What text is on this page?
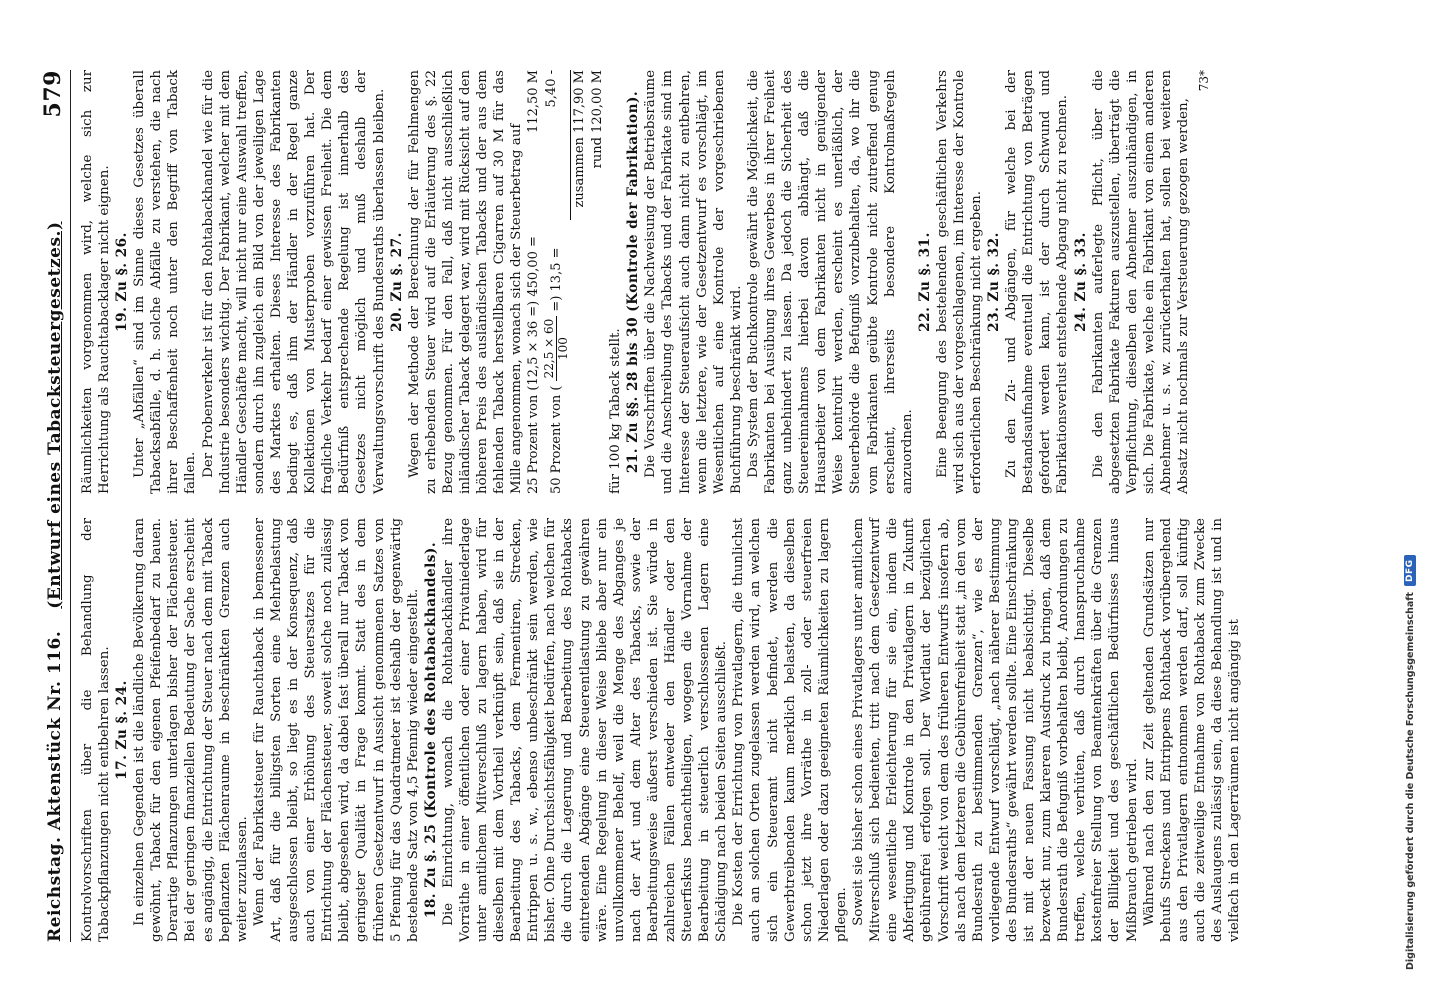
Reichstag. Aktenstück Nr. 116.
(Entwurf eines Tabacksteuergesetzes.)
579

Kontrolvorschriften über die Behandlung der Tabackpflanzungen nicht entbehren lassen. 17. Zu §. 24. In einzelnen Gegenden ist die ländliche Bevölkerung daran gewöhnt, Taback für den eigenen Pfeifenbedarf zu bauen. Derartige Pflanzungen unterlagen bisher der Flächensteuer. Bei der geringen finanziellen Bedeutung der Sache erscheint es angängig, die Entrichtung der Steuer nach dem mit Taback bepflanzten Flächenraume in beschränkten Grenzen auch weiter zuzulassen. Wenn der Fabrikatsteuer für Rauchtaback in bemessener Art, daß für die billigsten Sorten eine Mehrbelastung ausgeschlossen bleibt, so liegt es in der Konsequenz, daß auch von einer Erhöhung des Steuersatzes für die Entrichtung der Flächensteuer, soweit solche noch zulässig bleibt, abgesehen wird, da dabei fast überall nur Taback von geringster Qualität in Frage kommt. Statt des in dem früheren Gesetzentwurf in Aussicht genommenen Satzes von 5 Pfennig für das Quadratmeter ist deshalb der gegenwärtig bestehende Satz von 4,5 Pfennig wieder eingestellt. 18. Zu §. 25 (Kontrole des Rohtabackhandels). Die Einrichtung, wonach die Rohtabackhändler ihre Vorräthe in einer öffentlichen oder einer Privatniederlage unter amtlichem Mitverschluß zu lagern haben, wird für dieselben mit dem Vortheil verknüpft sein, daß sie in der Bearbeitung des Tabacks, dem Fermentiren, Strecken, Entrippen u. s. w., ebenso unbeschränkt sein werden, wie bisher. Ohne Durchsichtsfähigkeit bedürfen, nach welchen für die durch die Lagerung und Bearbeitung des Rohtabacks eintretenden Abgänge eine Steuerentlastung zu gewähren wäre. Eine Regelung in dieser Weise bliebe aber nur ein unvollkommener Behelf, weil die Menge des Abganges je nach der Art und dem Alter des Tabacks, sowie der Bearbeitungsweise äußerst verschieden ist. Sie würde in zahlreichen Fällen entweder den Händler oder den Steuerfiskus benachtheiligen, wogegen die Vornahme der Bearbeitung in steuerlich verschlossenen Lagern eine Schädigung nach beiden Seiten ausschließt. Die Kosten der Errichtung von Privatlagern, die thunlichst auch an solchen Orten zugelassen werden wird, an welchen sich ein Steueramt nicht befindet, werden die Gewerbtreibenden kaum merklich belasten, da dieselben schon jetzt ihre Vorräthe in zoll- oder steuerfreien Niederlagen oder dazu geeigneten Räumlichkeiten zu lagern pflegen. Soweit sie bisher schon eines Privatlagers unter amtlichem Mitverschluß sich bedienten, tritt nach dem Gesetzentwurf eine wesentliche Erleichterung für sie ein, indem die Abfertigung und Kontrole in den Privatlagern in Zukunft gebührenfrei erfolgen soll. Der Wortlaut der bezüglichen Vorschrift weicht von dem des früheren Entwurfs insofern ab, als nach dem letzteren die Gebührenfreiheit statt „in den vom Bundesrath zu bestimmenden Grenzen“, wie es der vorliegende Entwurf vorschlägt, „nach näherer Bestimmung des Bundesraths“ gewährt werden sollte. Eine Einschränkung ist mit der neuen Fassung nicht beabsichtigt. Dieselbe bezweckt nur, zum klareren Ausdruck zu bringen, daß dem Bundesrath die Befugniß vorbehalten bleibt, Anordnungen zu treffen, welche verhüten, daß durch Inanspruchnahme kostenfreier Stellung von Beamtenkräften über die Grenzen der Billigkeit und des geschäftlichen Bedürfnisses hinaus Mißbrauch getrieben wird. Während nach den zur Zeit geltenden Grundsätzen nur behufs Streckens und Entrippens Rohtaback vorübergehend aus den Privatlagern entnommen werden darf, soll künftig auch die zeitweilige Entnahme von Rohtaback zum Zwecke des Auslaugens zulässig sein, da diese Behandlung ist und in vielfach in den Lagerräumen nicht angängig ist

Räumlichkeiten vorgenommen wird, welche sich zur Herrichtung als Rauchtabacklager nicht eignen. 19. Zu §. 26. Unter „Abfällen“ sind im Sinne dieses Gesetzes überall Tabacksabfälle, d. h. solche Abfälle zu verstehen, die nach ihrer Beschaffenheit noch unter den Begriff von Taback fallen. Der Probenverkehr ist für den Rohtabackhandel wie für die Industrie besonders wichtig. Der Fabrikant, welcher mit dem Händler Geschäfte macht, will nicht nur eine Auswahl treffen, sondern durch ihn zugleich ein Bild von der jeweiligen Lage des Marktes erhalten. Dieses Interesse des Fabrikanten bedingt es, daß ihm der Händler in der Regel ganze Kollektionen von Musterproben vorzuführen hat. Der fragliche Verkehr bedarf einer gewissen Freiheit. Die dem Bedürfniß entsprechende Regelung ist innerhalb des Gesetzes nicht möglich und muß deshalb der Verwaltungsvorschrift des Bundesraths überlassen bleiben. 20. Zu §. 27. Wegen der Methode der Berechnung der für Fehlmengen zu erhebenden Steuer wird auf die Erläuterung des §. 22 Bezug genommen. Für den Fall, daß nicht ausschließlich inländischer Taback gelagert war, wird mit Rücksicht auf den höheren Preis des ausländischen Tabacks und der aus dem fehlenden Taback herstellbaren Cigarren auf 30 M für das Mille angenommen, wonach sich der Steuerbetrag auf 25 Prozent von (12,5 × 36 =) 450,00 =
112,50 M
50 Prozent von (
22,5 × 60 100
=) 13,5 =
5,40 -	zusammen 117,90 M rund 120,00 M

für 100 kg Taback stellt. 21. Zu §§. 28 bis 30 (Kontrole der Fabrikation). Die Vorschriften über die Nachweisung der Betriebsräume und die Anschreibung des Tabacks und der Fabrikate sind im Interesse der Steueraufsicht auch dann nicht zu entbehren, wenn die letztere, wie der Gesetzentwurf es vorschlägt, im Wesentlichen auf eine Kontrole der vorgeschriebenen Buchführung beschränkt wird. Das System der Buchkontrole gewährt die Möglichkeit, die Fabrikanten bei Ausübung ihres Gewerbes in ihrer Freiheit ganz unbehindert zu lassen. Da jedoch die Sicherheit des Steuereinnahmens hierbei davon abhängt, daß die Hausarbeiter von dem Fabrikanten nicht in genügender Weise kontrolirt werden, erscheint es unerläßlich, der Steuerbehörde die Befugniß vorzubehalten, da, wo ihr die vom Fabrikanten geübte Kontrole nicht zutreffend genug erscheint, ihrerseits besondere Kontrolmaßregeln anzuordnen.

22. Zu §. 31. Eine Beengung des bestehenden geschäftlichen Verkehrs wird sich aus der vorgeschlagenen, im Interesse der Kontrole erforderlichen Beschränkung nicht ergeben. 23. Zu §. 32. Zu den Zu- und Abgängen, für welche bei der Bestandsaufnahme eventuell die Entrichtung von Beträgen gefordert werden kann, ist der durch Schwund und Fabrikationsverlust entstehende Abgang nicht zu rechnen. 24. Zu §. 33. Die den Fabrikanten auferlegte Pflicht, über die abgesetzten Fabrikate Fakturen auszustellen, überträgt die Verpflichtung, dieselben den Abnehmer auszuhändigen, in sich. Die Fabrikate, welche ein Fabrikant von einem anderen Abnehmer u. s. w. zurückerhalten hat, sollen bei weiteren Absatz nicht nochmals zur Versteuerung gezogen werden,

73*
Digitalisierung gefördert durch die Deutsche Forschungsgemeinschaft
DFG
